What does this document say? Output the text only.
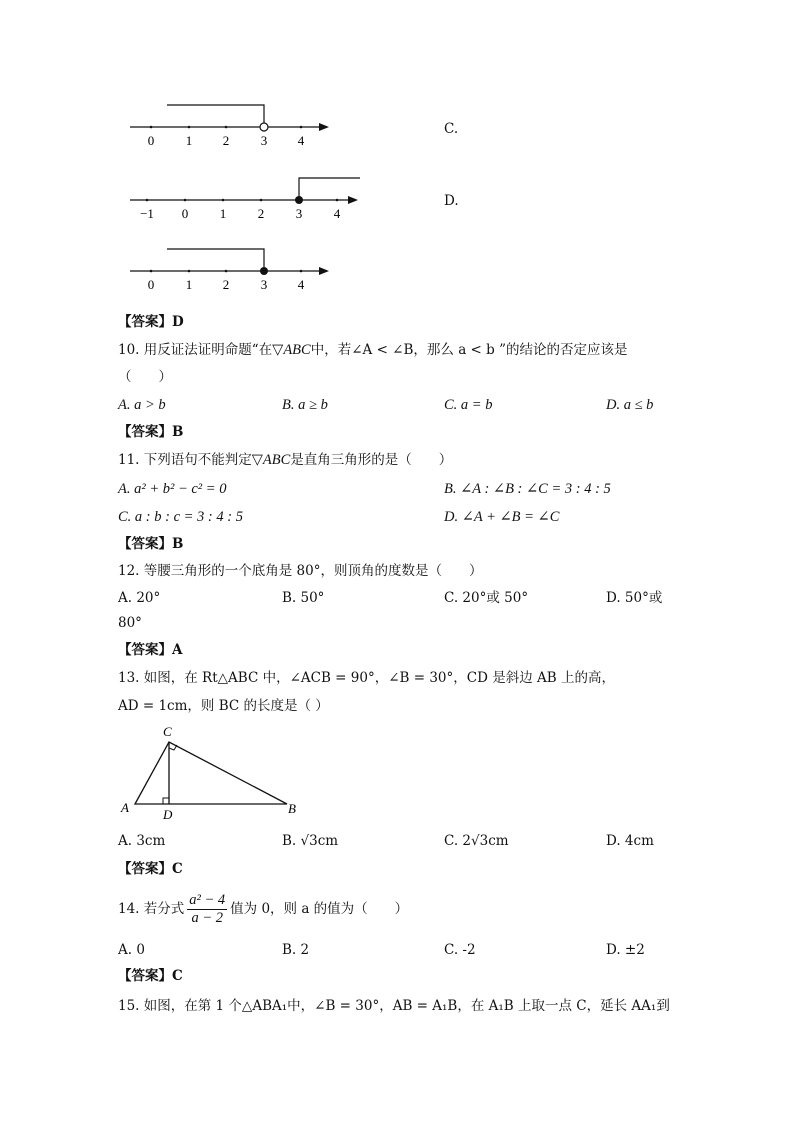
0 1 2 3 4
C.
−1 0 1 2 3 4
D.
0 1 2 3 4
【答案】D
10. 用反证法证明命题“在▽ABC中，若∠A < ∠B，那么 a < b ”的结论的否定应该是
（　　）
A. a > b	B. a ≥ b	C. a = b	D. a ≤ b
【答案】B
11. 下列语句不能判定▽ABC是直角三角形的是（　　）
A. a² + b² − c² = 0	B. ∠A : ∠B : ∠C = 3 : 4 : 5
C. a : b : c = 3 : 4 : 5	D. ∠A + ∠B = ∠C
【答案】B
12. 等腰三角形的一个底角是 80°，则顶角的度数是（　　）
A. 20°	B. 50°	C. 20°或 50°	D. 50°或
80°
【答案】A
13. 如图，在 Rt△ABC 中，∠ACB = 90°，∠B = 30°，CD 是斜边 AB 上的高，
AD = 1cm，则 BC 的长度是（ ）
C
A	D	B
A. 3cm	B. √3cm	C. 2√3cm	D. 4cm
【答案】C
14. 若分式 $\frac{\text{a² − 4}}{a - 2}$ 值为 0，则 a 的值为（　　）
A. 0	B. 2	C. -2	D. ±2
【答案】C
15. 如图，在第 1 个△ABA₁中，∠B = 30°，AB = A₁B，在 A₁B 上取一点 C，延长 AA₁到
